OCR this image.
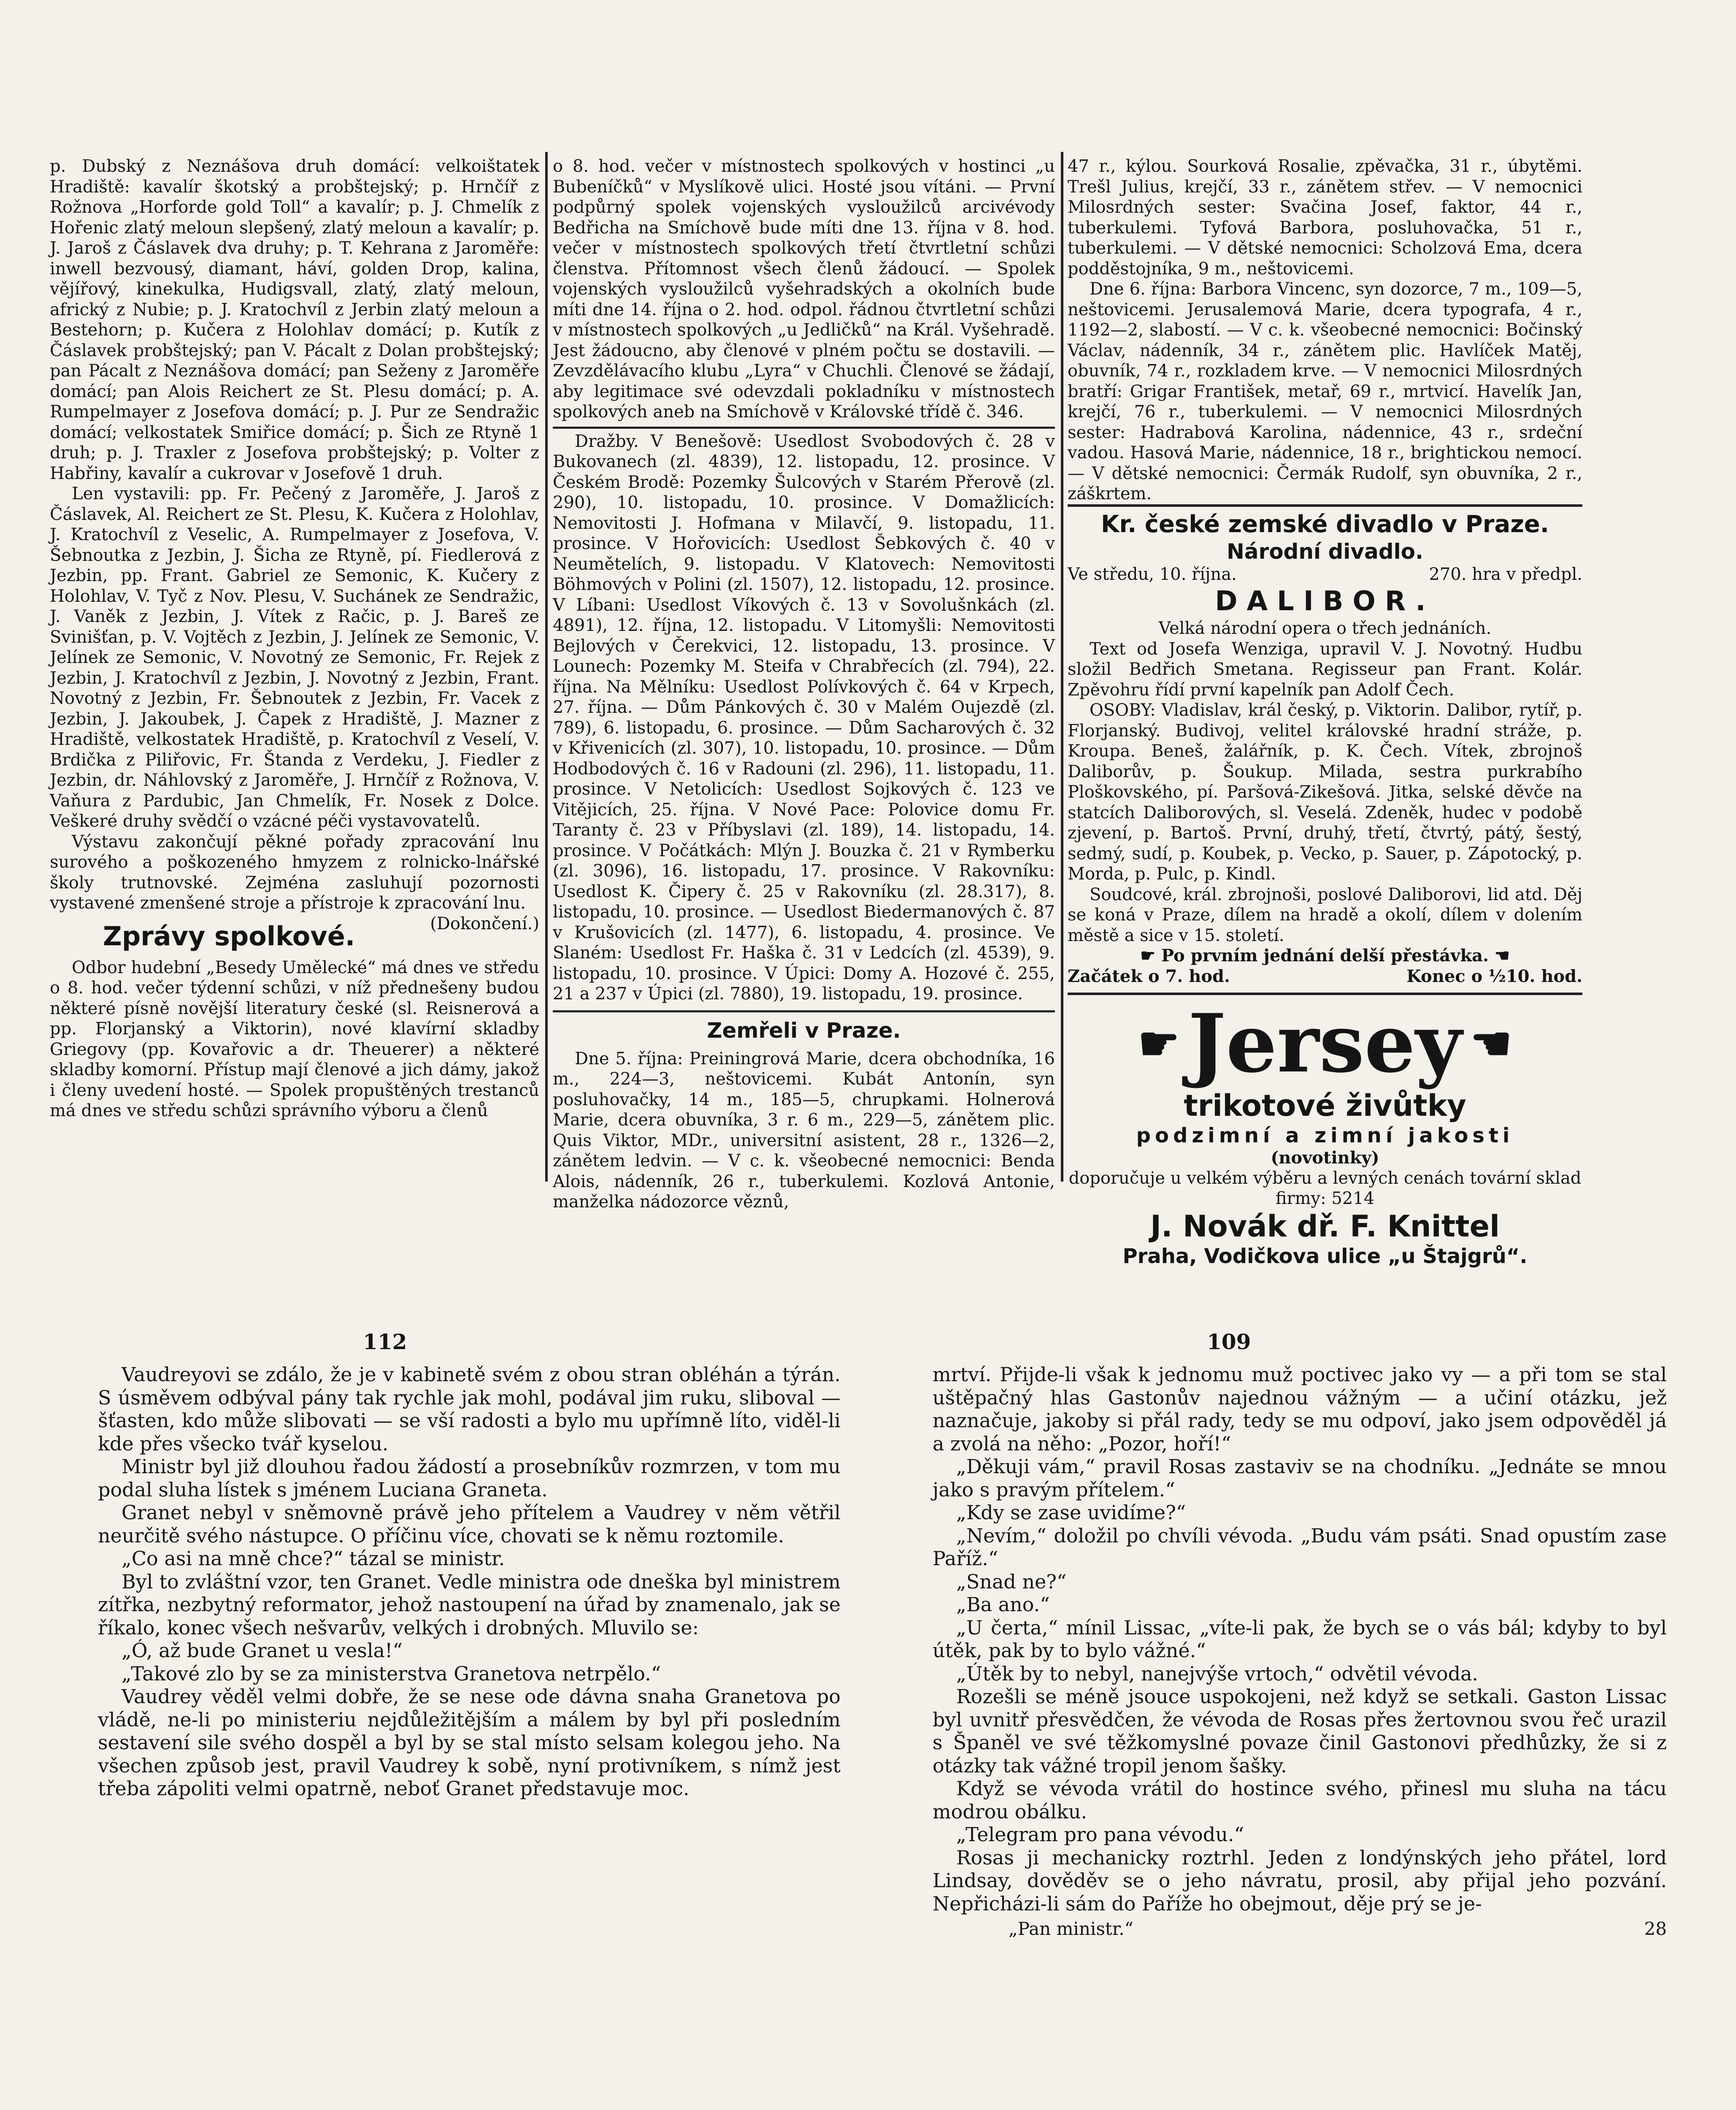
p. Dubský z Neznášova druh domácí: velkoištatek Hradiště: kavalír škotský a probštejský; p. Hrnčíř z Rožnova „Horforde gold Toll“ a kavalír; p. J. Chmelík z Hořenic zlatý meloun slepšený, zlatý meloun a kavalír; p. J. Jaroš z Čáslavek dva druhy; p. T. Kehrana z Jaroměře: inwell bezvousý, diamant, háví, golden Drop, kalina, vějířový, kinekulka, Hudigsvall, zlatý, zlatý meloun, africký z Nubie; p. J. Kratochvíl z Jerbin zlatý meloun a Bestehorn; p. Kučera z Holohlav domácí; p. Kutík z Čáslavek probštejský; pan V. Pácalt z Dolan probštejský; pan Pácalt z Neznášova domácí; pan Seženy z Jaroměře domácí; pan Alois Reichert ze St. Plesu domácí; p. A. Rumpelmayer z Josefova domácí; p. J. Pur ze Sendražic domácí; velkostatek Smiřice domácí; p. Šich ze Rtyně 1 druh; p. J. Traxler z Josefova probštejský; p. Volter z Habřiny, kavalír a cukrovar v Josefově 1 druh.

Len vystavili: pp. Fr. Pečený z Jaroměře, J. Jaroš z Čáslavek, Al. Reichert ze St. Plesu, K. Kučera z Holohlav, J. Kratochvíl z Veselic, A. Rumpelmayer z Josefova, V. Šebnoutka z Jezbin, J. Šicha ze Rtyně, pí. Fiedlerová z Jezbin, pp. Frant. Gabriel ze Semonic, K. Kučery z Holohlav, V. Tyč z Nov. Plesu, V. Suchánek ze Sendražic, J. Vaněk z Jezbin, J. Vítek z Račic, p. J. Bareš ze Svinišťan, p. V. Vojtěch z Jezbin, J. Jelínek ze Semonic, V. Jelínek ze Semonic, V. Novotný ze Semonic, Fr. Rejek z Jezbin, J. Kratochvíl z Jezbin, J. Novotný z Jezbin, Frant. Novotný z Jezbin, Fr. Šebnoutek z Jezbin, Fr. Vacek z Jezbin, J. Jakoubek, J. Čapek z Hradiště, J. Mazner z Hradiště, velkostatek Hradiště, p. Kratochvíl z Veselí, V. Brdička z Piliřovic, Fr. Štanda z Verdeku, J. Fiedler z Jezbin, dr. Náhlovský z Jaroměře, J. Hrnčíř z Rožnova, V. Vaňura z Pardubic, Jan Chmelík, Fr. Nosek z Dolce. Veškeré druhy svědčí o vzácné péči vystavovatelů.

Výstavu zakončují pěkné pořady zpracování lnu surového a poškozeného hmyzem z rolnicko-lnářské školy trutnovské. Zejména zasluhují pozornosti vystavené zmenšené stroje a přístroje k zpracování lnu.
(Dokončení.)

Zprávy spolkové.

Odbor hudební „Besedy Umělecké“ má dnes ve středu o 8. hod. večer týdenní schůzi, v níž přednešeny budou některé písně novější literatury české (sl. Reisnerová a pp. Florjanský a Viktorin), nové klavírní skladby Griegovy (pp. Kovařovic a dr. Theuerer) a některé skladby komorní. Přístup mají členové a jich dámy, jakož i členy uvedení hosté. — Spolek propuštěných trestanců má dnes ve středu schůzi správního výboru a členů

o 8. hod. večer v místnostech spolkových v hostinci „u Bubeníčků“ v Myslíkově ulici. Hosté jsou vítáni. — První podpůrný spolek vojenských vysloužilců arcivévody Bedřicha na Smíchově bude míti dne 13. října v 8. hod. večer v místnostech spolkových třetí čtvrtletní schůzi členstva. Přítomnost všech členů žádoucí. — Spolek vojenských vysloužilců vyšehradských a okolních bude míti dne 14. října o 2. hod. odpol. řádnou čtvrtletní schůzi v místnostech spolkových „u Jedličků“ na Král. Vyšehradě. Jest žádoucno, aby členové v plném počtu se dostavili. — Zevzdělávacího klubu „Lyra“ v Chuchli. Členové se žádají, aby legitimace své odevzdali pokladníku v místnostech spolkových aneb na Smíchově v Královské třídě č. 346.

Dražby. V Benešově: Usedlost Svobodových č. 28 v Bukovanech (zl. 4839), 12. listopadu, 12. prosince. V Českém Brodě: Pozemky Šulcových v Starém Přerově (zl. 290), 10. listopadu, 10. prosince. V Domažlicích: Nemovitosti J. Hofmana v Milavčí, 9. listopadu, 11. prosince. V Hořovicích: Usedlost Šebkových č. 40 v Neumětelích, 9. listopadu. V Klatovech: Nemovitosti Böhmových v Polini (zl. 1507), 12. listopadu, 12. prosince. V Líbani: Usedlost Víkových č. 13 v Sovolušnkách (zl. 4891), 12. října, 12. listopadu. V Litomyšli: Nemovitosti Bejlových v Čerekvici, 12. listopadu, 13. prosince. V Lounech: Pozemky M. Steifa v Chrabřecích (zl. 794), 22. října. Na Mělníku: Usedlost Polívkových č. 64 v Krpech, 27. října. — Dům Pánkových č. 30 v Malém Oujezdě (zl. 789), 6. listopadu, 6. prosince. — Dům Sacharových č. 32 v Křivenicích (zl. 307), 10. listopadu, 10. prosince. — Dům Hodbodových č. 16 v Radouni (zl. 296), 11. listopadu, 11. prosince. V Netolicích: Usedlost Sojkových č. 123 ve Vitějicích, 25. října. V Nové Pace: Polovice domu Fr. Taranty č. 23 v Příbyslavi (zl. 189), 14. listopadu, 14. prosince. V Počátkách: Mlýn J. Bouzka č. 21 v Rymberku (zl. 3096), 16. listopadu, 17. prosince. V Rakovníku: Usedlost K. Čipery č. 25 v Rakovníku (zl. 28.317), 8. listopadu, 10. prosince. — Usedlost Biedermanových č. 87 v Krušovicích (zl. 1477), 6. listopadu, 4. prosince. Ve Slaném: Usedlost Fr. Haška č. 31 v Ledcích (zl. 4539), 9. listopadu, 10. prosince. V Úpici: Domy A. Hozové č. 255, 21 a 237 v Úpici (zl. 7880), 19. listopadu, 19. prosince.

Zemřeli v Praze.

Dne 5. října: Preiningrová Marie, dcera obchodníka, 16 m., 224—3, neštovicemi. Kubát Antonín, syn posluhovačky, 14 m., 185—5, chrupkami. Holnerová Marie, dcera obuvníka, 3 r. 6 m., 229—5, zánětem plic. Quis Viktor, MDr., universitní asistent, 28 r., 1326—2, zánětem ledvin. — V c. k. všeobecné nemocnici: Benda Alois, nádenník, 26 r., tuberkulemi. Kozlová Antonie, manželka nádozorce věznů,

47 r., kýlou. Sourková Rosalie, zpěvačka, 31 r., úbytěmi. Trešl Julius, krejčí, 33 r., zánětem střev. — V nemocnici Milosrdných sester: Svačina Josef, faktor, 44 r., tuberkulemi. Tyfová Barbora, posluhovačka, 51 r., tuberkulemi. — V dětské nemocnici: Scholzová Ema, dcera podděstojníka, 9 m., neštovicemi.

Dne 6. října: Barbora Vincenc, syn dozorce, 7 m., 109—5, neštovicemi. Jerusalemová Marie, dcera typografa, 4 r., 1192—2, slabostí. — V c. k. všeobecné nemocnici: Bočinský Václav, nádenník, 34 r., zánětem plic. Havlíček Matěj, obuvník, 74 r., rozkladem krve. — V nemocnici Milosrdných bratří: Grigar František, metař, 69 r., mrtvicí. Havelík Jan, krejčí, 76 r., tuberkulemi. — V nemocnici Milosrdných sester: Hadrabová Karolina, nádennice, 43 r., srdeční vadou. Hasová Marie, nádennice, 18 r., brightickou nemocí. — V dětské nemocnici: Čermák Rudolf, syn obuvníka, 2 r., záškrtem.

Kr. české zemské divadlo v Praze.
Národní divadlo.
Ve středu, 10. října.	270. hra v předpl.
DALIBOR.
Velká národní opera o třech jednáních.

Text od Josefa Wenziga, upravil V. J. Novotný. Hudbu složil Bedřich Smetana. Regisseur pan Frant. Kolár. Zpěvohru řídí první kapelník pan Adolf Čech.

OSOBY: Vladislav, král český, p. Viktorin. Dalibor, rytíř, p. Florjanský. Budivoj, velitel královské hradní stráže, p. Kroupa. Beneš, žalářník, p. K. Čech. Vítek, zbrojnoš Daliborův, p. Šoukup. Milada, sestra purkrabího Ploškovského, pí. Paršová-Zikešová. Jitka, selské děvče na statcích Daliborových, sl. Veselá. Zdeněk, hudec v podobě zjevení, p. Bartoš. První, druhý, třetí, čtvrtý, pátý, šestý, sedmý, sudí, p. Koubek, p. Vecko, p. Sauer, p. Zápotocký, p. Morda, p. Pulc, p. Kindl.

Soudcové, král. zbrojnoši, poslové Daliborovi, lid atd. Děj se koná v Praze, dílem na hradě a okolí, dílem v dolením městě a sice v 15. století.

☛ Po prvním jednání delší přestávka. ☚
Začátek o 7. hod.	Konec o ½10. hod.
☛ Jersey ☚
trikotové živůtky
podzimní a zimní jakosti
(novotinky)
doporučuje u velkém výběru a levných cenách tovární sklad firmy: 5214
J. Novák dř. F. Knittel
Praha, Vodičkova ulice „u Štajgrů“.
112	109

Vaudreyovi se zdálo, že je v kabinetě svém z obou stran obléhán a týrán. S úsměvem odbýval pány tak rychle jak mohl, podával jim ruku, sliboval — šťasten, kdo může slibovati — se vší radosti a bylo mu upřímně líto, viděl-li kde přes všecko tvář kyselou.

Ministr byl již dlouhou řadou žádostí a prosebníkův rozmrzen, v tom mu podal sluha lístek s jménem Luciana Graneta.

Granet nebyl v sněmovně právě jeho přítelem a Vaudrey v něm větřil neurčitě svého nástupce. O příčinu více, chovati se k němu roztomile.

„Co asi na mně chce?“ tázal se ministr.

Byl to zvláštní vzor, ten Granet. Vedle ministra ode dneška byl ministrem zítřka, nezbytný reformator, jehož nastoupení na úřad by znamenalo, jak se říkalo, konec všech nešvarův, velkých i drobných. Mluvilo se:

„Ó, až bude Granet u vesla!“

„Takové zlo by se za ministerstva Granetova netrpělo.“

Vaudrey věděl velmi dobře, že se nese ode dávna snaha Granetova po vládě, ne-li po ministeriu nejdůležitějším a málem by byl při posledním sestavení sile svého dospěl a byl by se stal místo selsam kolegou jeho. Na všechen způsob jest, pravil Vaudrey k sobě, nyní protivníkem, s nímž jest třeba zápoliti velmi opatrně, neboť Granet představuje moc.

mrtví. Přijde-li však k jednomu muž poctivec jako vy — a při tom se stal uštěpačný hlas Gastonův najednou vážným — a učiní otázku, jež naznačuje, jakoby si přál rady, tedy se mu odpoví, jako jsem odpověděl já a zvolá na něho: „Pozor, hoří!“

„Děkuji vám,“ pravil Rosas zastaviv se na chodníku. „Jednáte se mnou jako s pravým přítelem.“

„Kdy se zase uvidíme?“

„Nevím,“ doložil po chvíli vévoda. „Budu vám psáti. Snad opustím zase Paříž.“

„Snad ne?“

„Ba ano.“

„U čerta,“ mínil Lissac, „víte-li pak, že bych se o vás bál; kdyby to byl útěk, pak by to bylo vážné.“

„Útěk by to nebyl, nanejvýše vrtoch,“ odvětil vévoda.

Rozešli se méně jsouce uspokojeni, než když se setkali. Gaston Lissac byl uvnitř přesvědčen, že vévoda de Rosas přes žertovnou svou řeč urazil s Španěl ve své těžkomyslné povaze činil Gastonovi předhůzky, že si z otázky tak vážné tropil jenom šašky.

Když se vévoda vrátil do hostince svého, přinesl mu sluha na tácu modrou obálku.

„Telegram pro pana vévodu.“

Rosas ji mechanicky roztrhl. Jeden z londýnských jeho přátel, lord Lindsay, dověděv se o jeho návratu, prosil, aby přijal jeho pozvání. Nepřicházi-li sám do Paříže ho obejmout, děje prý se je-

„Pan ministr.“	28
